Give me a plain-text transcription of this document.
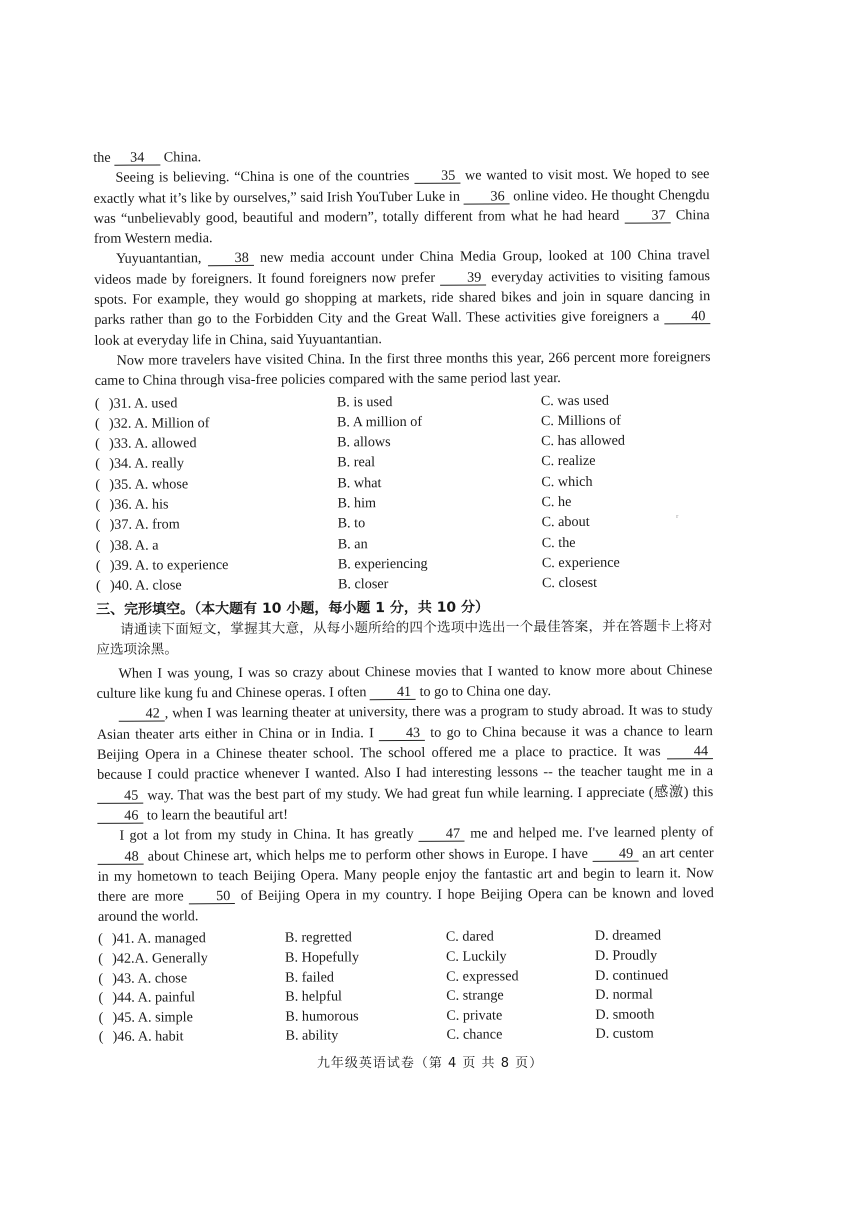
the 34 China.

Seeing is believing. “China is one of the countries 35 we wanted to visit most. We hoped to see exactly what it’s like by ourselves,” said Irish YouTuber Luke in 36 online video. He thought Chengdu was “unbelievably good, beautiful and modern”, totally different from what he had heard 37 China from Western media.

Yuyuantantian, 38 new media account under China Media Group, looked at 100 China travel videos made by foreigners. It found foreigners now prefer 39 everyday activities to visiting famous spots. For example, they would go shopping at markets, ride shared bikes and join in square dancing in parks rather than go to the Forbidden City and the Great Wall. These activities give foreigners a 40 look at everyday life in China, said Yuyuantantian.

Now more travelers have visited China. In the first three months this year, 266 percent more foreigners came to China through visa-free policies compared with the same period last year.

( )31. A. used	B. is used	C. was used
( )32. A. Million of	B. A million of	C. Millions of
( )33. A. allowed	B. allows	C. has allowed
( )34. A. really	B. real	C. realize
( )35. A. whose	B. what	C. which
( )36. A. his	B. him	C. he
( )37. A. from	B. to	C. about
( )38. A. a	B. an	C. the
( )39. A. to experience	B. experiencing	C. experience
( )40. A. close	B. closer	C. closest
三、完形填空。（本大题有 10 小题，每小题 1 分，共 10 分）

请通读下面短文，掌握其大意，从每小题所给的四个选项中选出一个最佳答案，并在答题卡上将对应选项涂黑。

When I was young, I was so crazy about Chinese movies that I wanted to know more about Chinese culture like kung fu and Chinese operas. I often 41 to go to China one day.

42 , when I was learning theater at university, there was a program to study abroad. It was to study Asian theater arts either in China or in India. I 43 to go to China because it was a chance to learn Beijing Opera in a Chinese theater school. The school offered me a place to practice. It was 44 because I could practice whenever I wanted. Also I had interesting lessons -- the teacher taught me in a 45 way. That was the best part of my study. We had great fun while learning. I appreciate (感激) this 46 to learn the beautiful art!

I got a lot from my study in China. It has greatly 47 me and helped me. I've learned plenty of 48 about Chinese art, which helps me to perform other shows in Europe. I have 49 an art center in my hometown to teach Beijing Opera. Many people enjoy the fantastic art and begin to learn it. Now there are more 50 of Beijing Opera in my country. I hope Beijing Opera can be known and loved around the world.

( )41. A. managed	B. regretted	C. dared	D. dreamed
( )42.A. Generally	B. Hopefully	C. Luckily	D. Proudly
( )43. A. chose	B. failed	C. expressed	D. continued
( )44. A. painful	B. helpful	C. strange	D. normal
( )45. A. simple	B. humorous	C. private	D. smooth
( )46. A. habit	B. ability	C. chance	D. custom
ʳ
九年级英语试卷（第 4 页 共 8 页）
